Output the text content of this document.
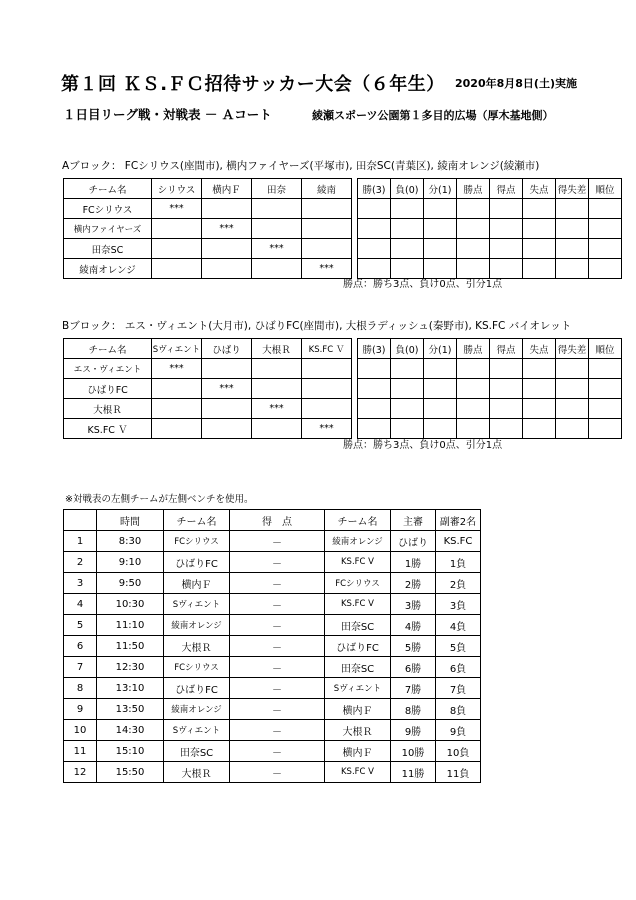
第１回 ＫＳ.ＦＣ招待サッカー大会（６年生） 2020年8月8日(土)実施
１日目リーグ戦・対戦表 － Ａコート	綾瀬スポーツ公園第１多目的広場（厚木基地側）
Aブロック： FCシリウス(座間市), 横内ファイヤーズ(平塚市), 田奈SC(青葉区), 綾南オレンジ(綾瀬市)
チーム名	シリウス	横内Ｆ	田奈	綾南		勝(3)	負(0)	分(1)	勝点	得点	失点	得失差	順位
FCシリウス	***												
横内ファイヤーズ		***											
田奈SC			***										
綾南オレンジ				***									
勝点：勝ち3点、負け0点、引分1点
Bブロック： エス・ヴィエント(大月市), ひばりFC(座間市), 大根ラディッシュ(秦野市), KS.FC バイオレット
チーム名	Sヴィエント	ひばり	大根Ｒ	KS.FC Ｖ		勝(3)	負(0)	分(1)	勝点	得点	失点	得失差	順位
エス・ヴィエント	***												
ひばりFC		***											
大根Ｒ			***										
KS.FC Ｖ				***									
勝点：勝ち3点、負け0点、引分1点
※対戦表の左側チームが左側ベンチを使用。
	時間	チーム名	得　点	チーム名	主審	副審2名
1	8:30	FCシリウス	－	綾南オレンジ	ひばり	KS.FC
2	9:10	ひばりFC	－	KS.FC V	1勝	1負
3	9:50	横内Ｆ	－	FCシリウス	2勝	2負
4	10:30	Sヴィエント	－	KS.FC V	3勝	3負
5	11:10	綾南オレンジ	－	田奈SC	4勝	4負
6	11:50	大根Ｒ	－	ひばりFC	5勝	5負
7	12:30	FCシリウス	－	田奈SC	6勝	6負
8	13:10	ひばりFC	－	Sヴィエント	7勝	7負
9	13:50	綾南オレンジ	－	横内Ｆ	8勝	8負
10	14:30	Sヴィエント	－	大根Ｒ	9勝	9負
11	15:10	田奈SC	－	横内Ｆ	10勝	10負
12	15:50	大根Ｒ	－	KS.FC V	11勝	11負
